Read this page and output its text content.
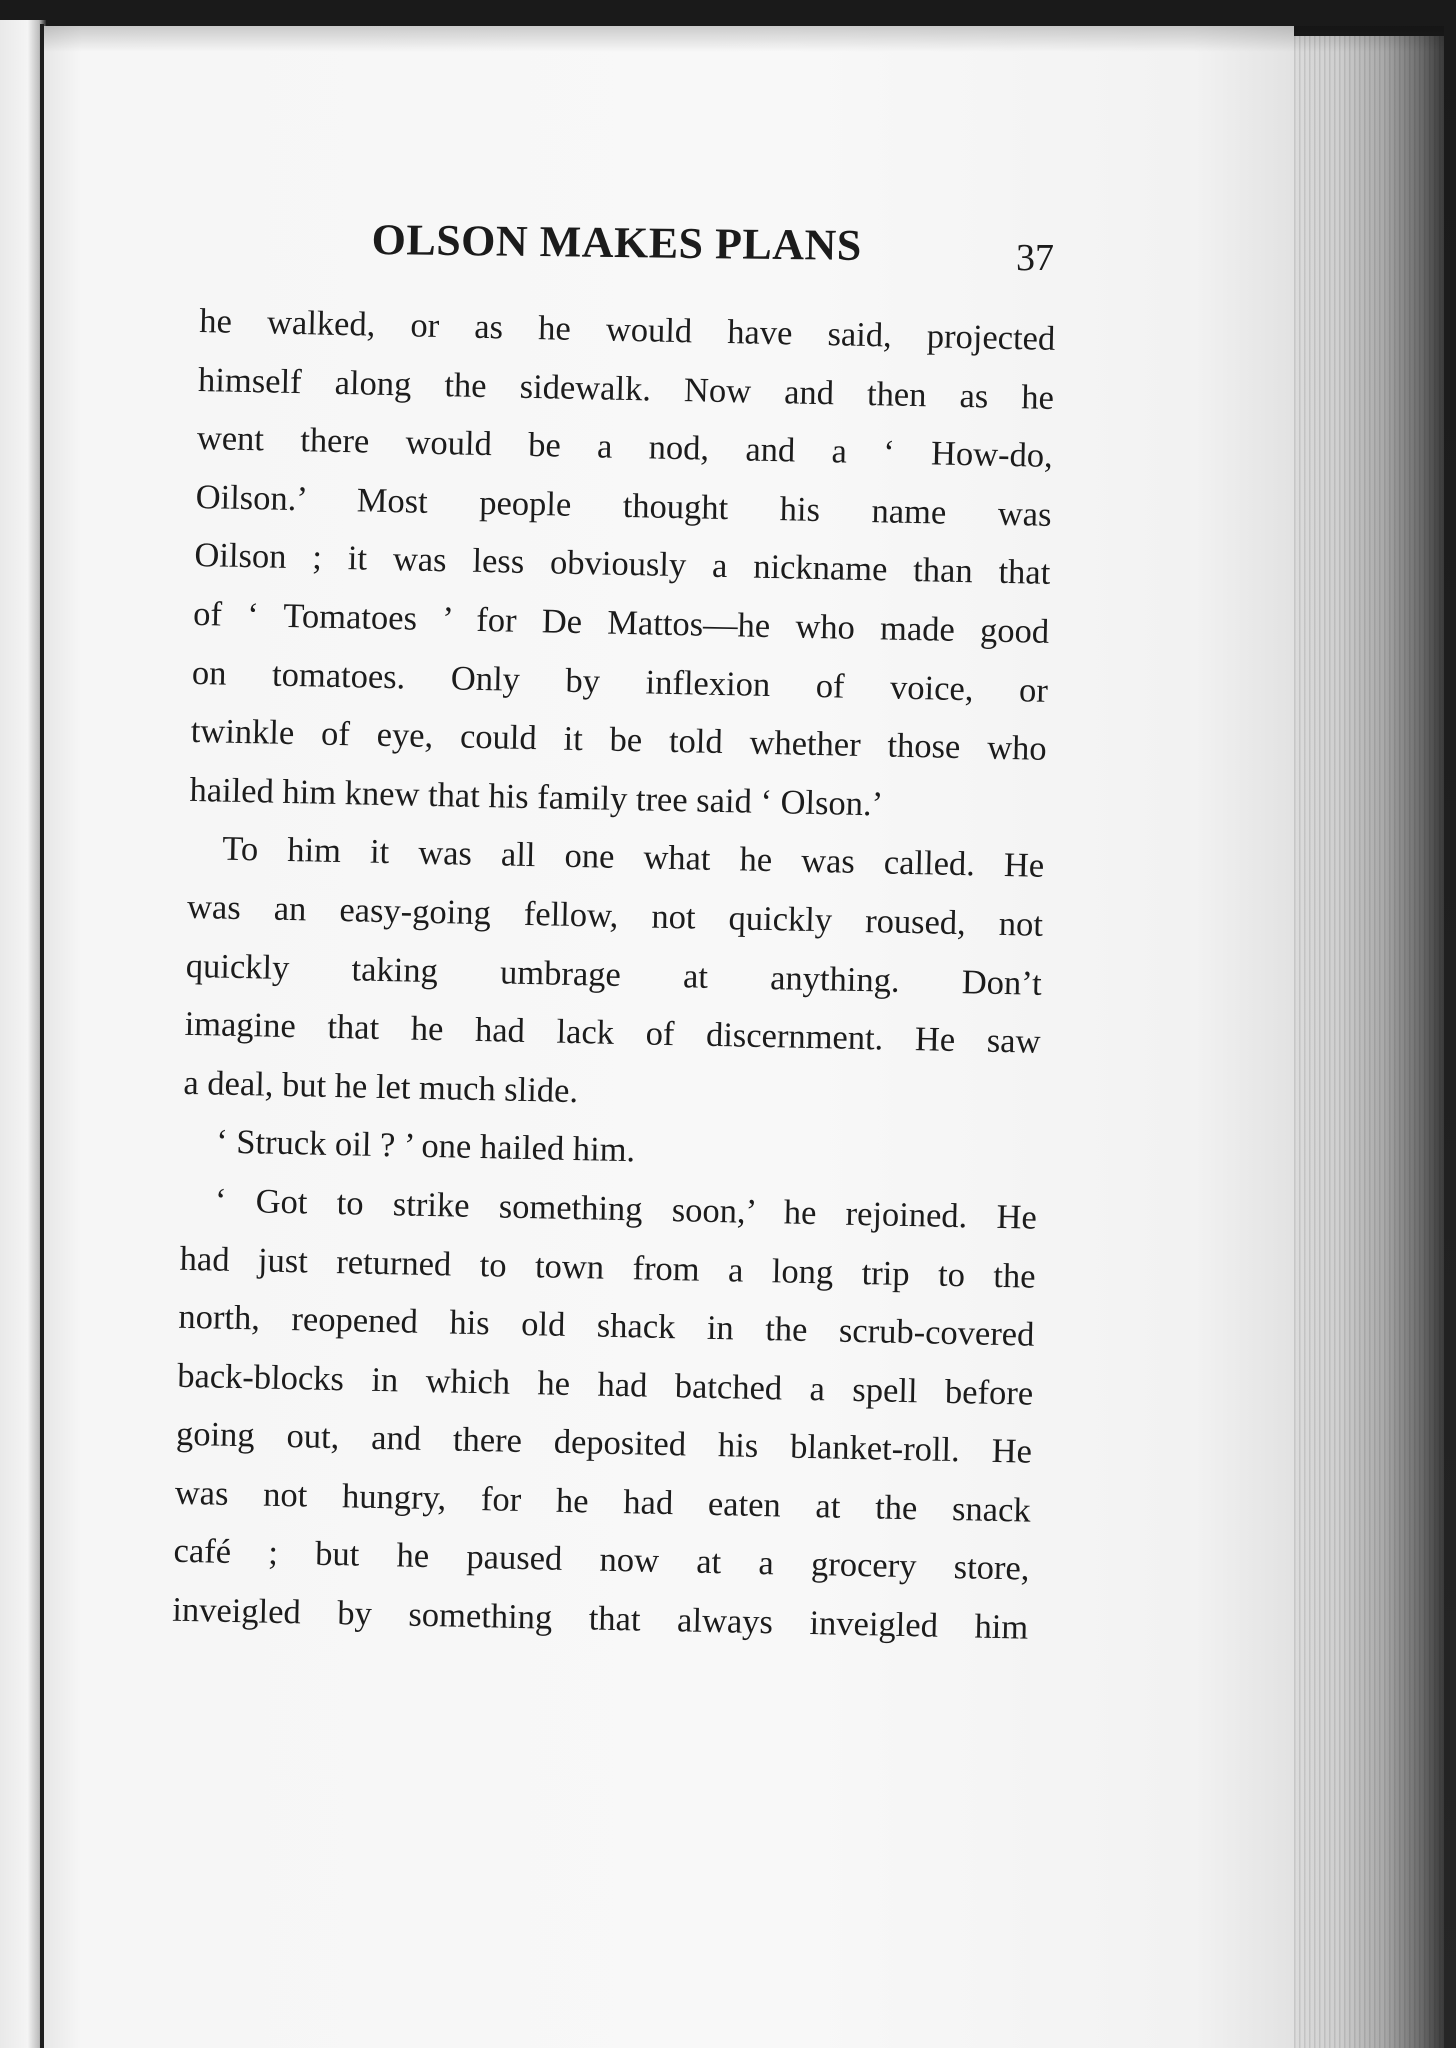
OLSON MAKES PLANS	37
he walked, or as he would have said, projected
himself along the sidewalk. Now and then as he
went there would be a nod, and a ‘ How-do,
Oilson.’ Most people thought his name was
Oilson ; it was less obviously a nickname than that
of ‘ Tomatoes ’ for De Mattos—he who made good
on tomatoes. Only by inflexion of voice, or
twinkle of eye, could it be told whether those who
hailed him knew that his family tree said ‘ Olson.’
To him it was all one what he was called. He
was an easy-going fellow, not quickly roused, not
quickly taking umbrage at anything. Don’t
imagine that he had lack of discernment. He saw
a deal, but he let much slide.
‘ Struck oil ? ’ one hailed him.
‘ Got to strike something soon,’ he rejoined. He
had just returned to town from a long trip to the
north, reopened his old shack in the scrub-covered
back-blocks in which he had batched a spell before
going out, and there deposited his blanket-roll. He
was not hungry, for he had eaten at the snack
café ; but he paused now at a grocery store,
inveigled by something that always inveigled him
